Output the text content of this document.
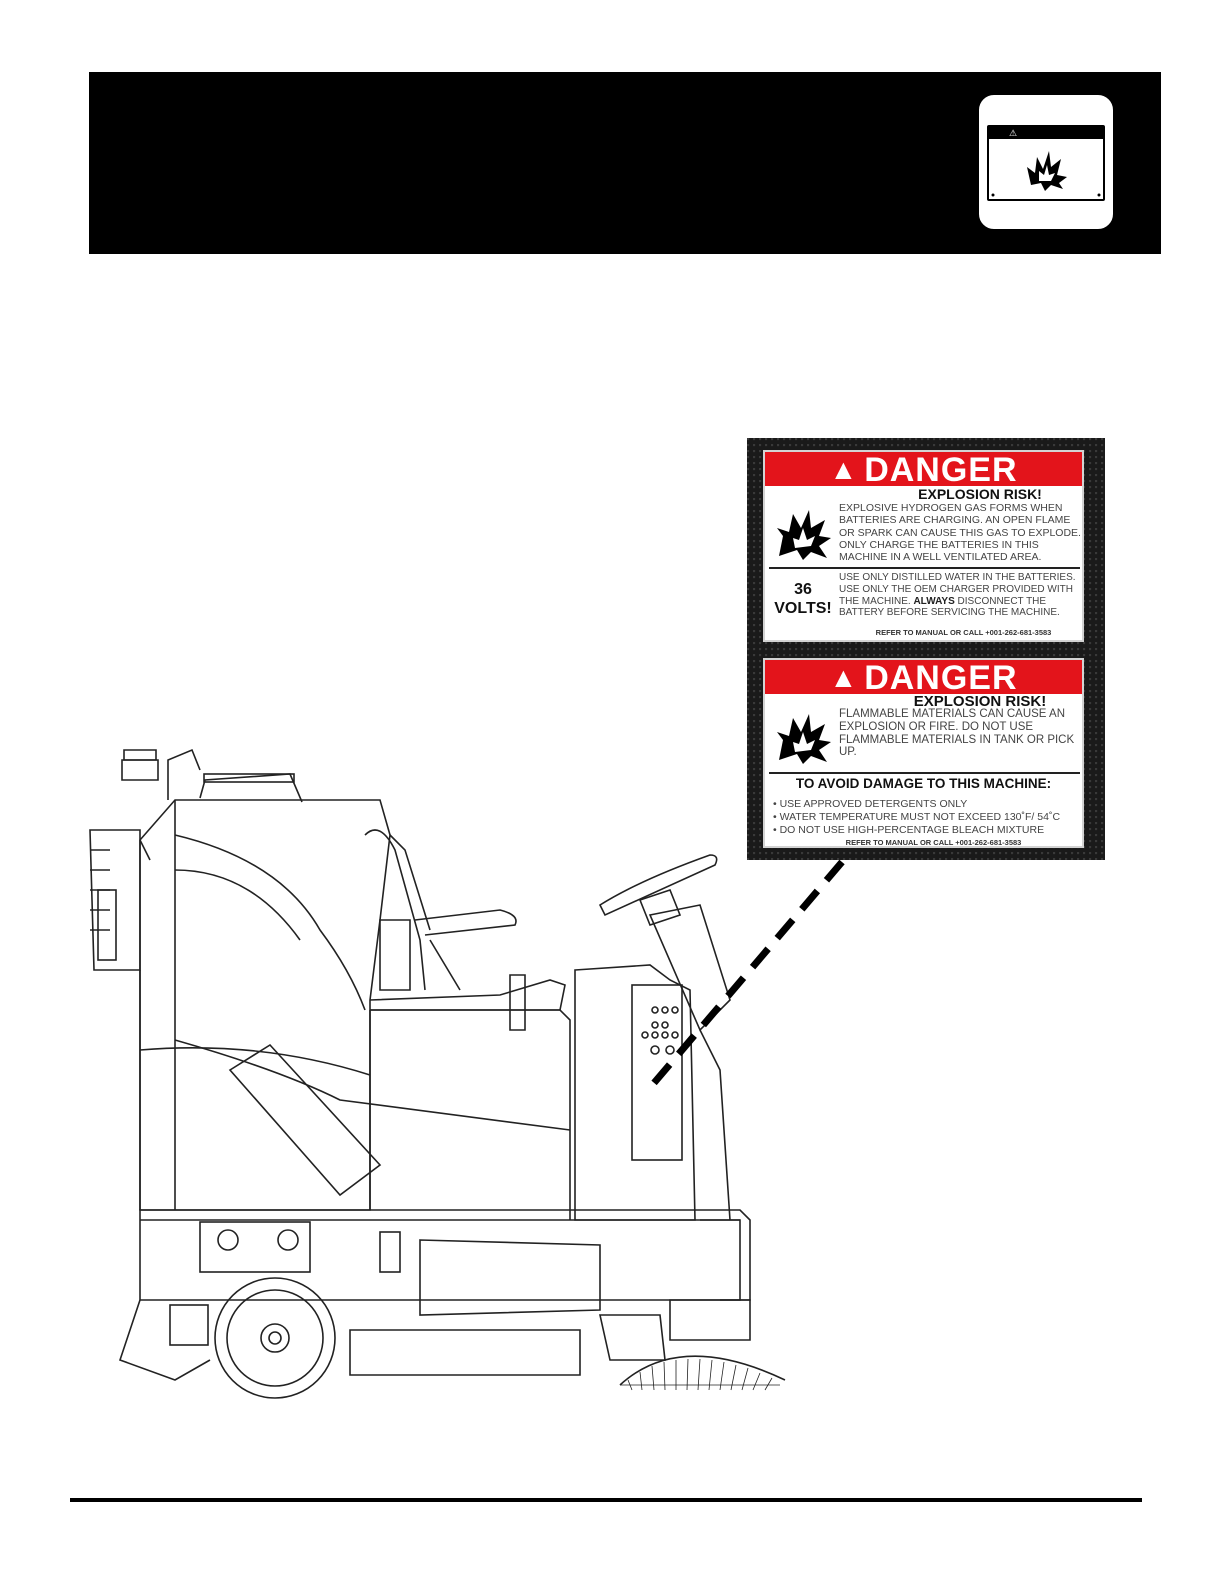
⚠
▲ DANGER
EXPLOSION RISK!
EXPLOSIVE HYDROGEN GAS FORMS WHEN BATTERIES ARE CHARGING. AN OPEN FLAME OR SPARK CAN CAUSE THIS GAS TO EXPLODE. ONLY CHARGE THE BATTERIES IN THIS MACHINE IN A WELL VENTILATED AREA.
36
VOLTS!
USE ONLY DISTILLED WATER IN THE BATTERIES. USE ONLY THE OEM CHARGER PROVIDED WITH THE MACHINE. ALWAYS DISCONNECT THE BATTERY BEFORE SERVICING THE MACHINE.
REFER TO MANUAL OR CALL +001-262-681-3583
▲ DANGER
EXPLOSION RISK!
FLAMMABLE MATERIALS CAN CAUSE AN EXPLOSION OR FIRE. DO NOT USE FLAMMABLE MATERIALS IN TANK OR PICK UP.
TO AVOID DAMAGE TO THIS MACHINE:
• USE APPROVED DETERGENTS ONLY
• WATER TEMPERATURE MUST NOT EXCEED 130˚F/ 54˚C
• DO NOT USE HIGH-PERCENTAGE BLEACH MIXTURE
REFER TO MANUAL OR CALL +001-262-681-3583
